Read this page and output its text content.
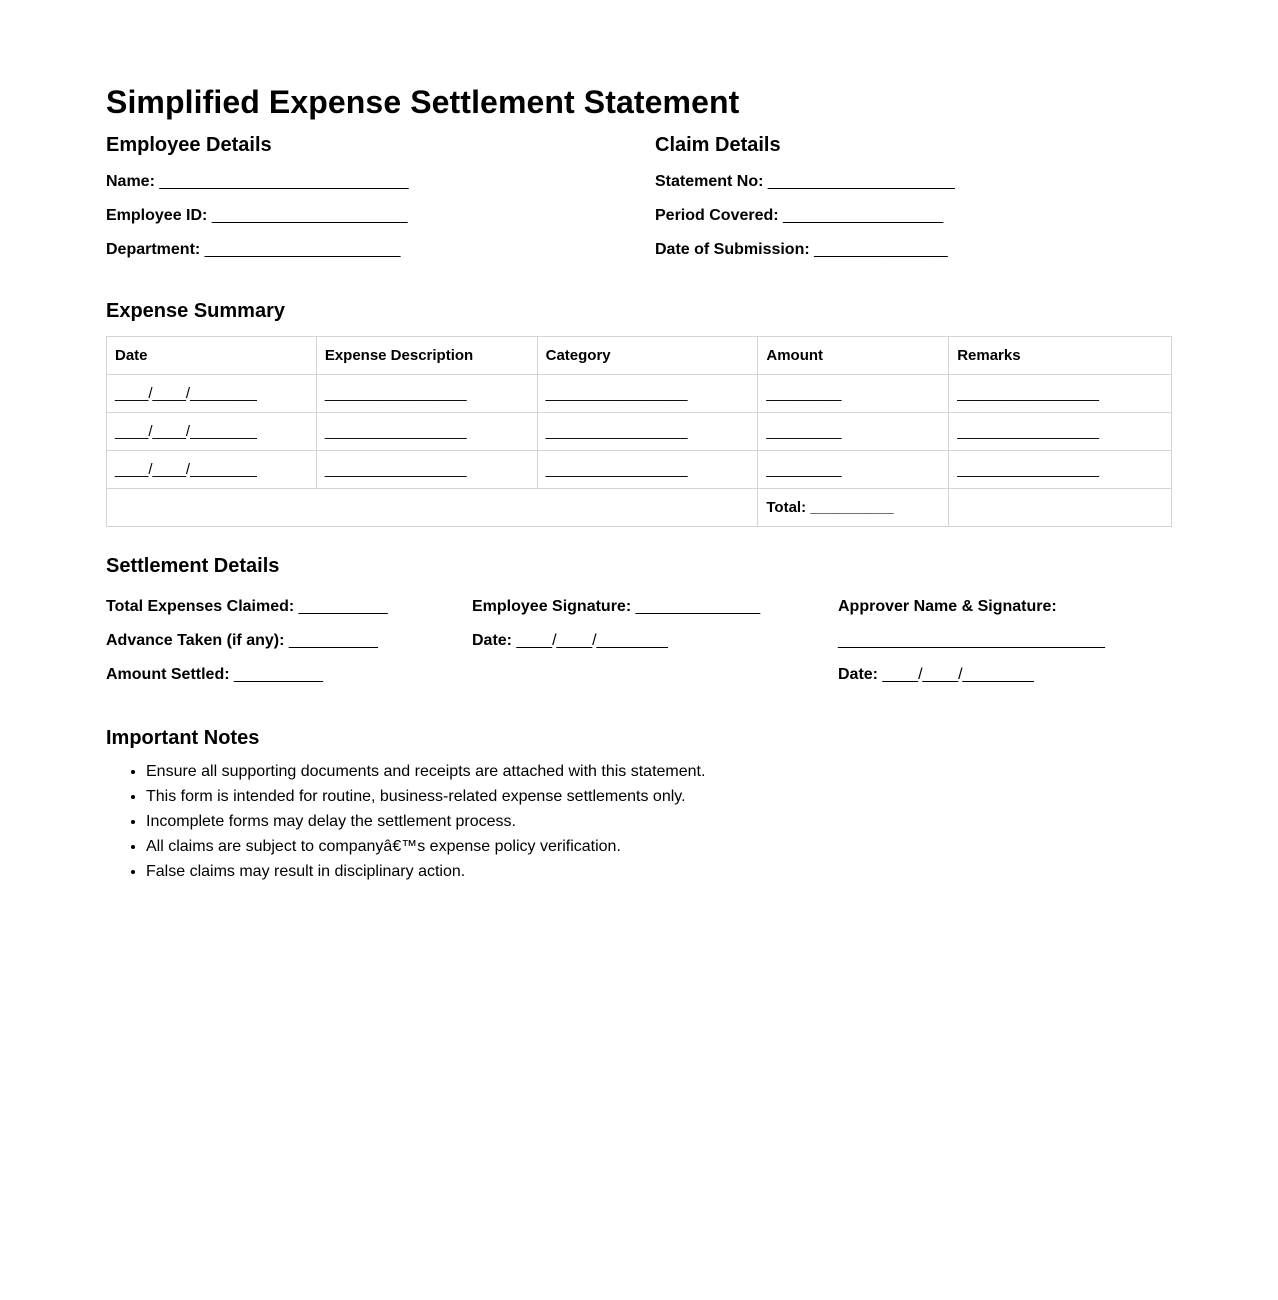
Simplified Expense Settlement Statement
Employee Details
Name: ____________________________
Employee ID: ______________________
Department: ______________________
Claim Details
Statement No: _____________________
Period Covered: __________________
Date of Submission: _______________
Expense Summary
Date	Expense Description	Category	Amount	Remarks
____/____/________	_________________	_________________	_________	_________________
____/____/________	_________________	_________________	_________	_________________
____/____/________	_________________	_________________	_________	_________________
			Total: __________	
Settlement Details
Total Expenses Claimed: __________
Advance Taken (if any): __________
Amount Settled: __________
Employee Signature: ______________
Date: ____/____/________
Approver Name & Signature:
______________________________
Date: ____/____/________
Important Notes
• Ensure all supporting documents and receipts are attached with this statement.
• This form is intended for routine, business-related expense settlements only.
• Incomplete forms may delay the settlement process.
• All claims are subject to companyâ€™s expense policy verification.
• False claims may result in disciplinary action.
